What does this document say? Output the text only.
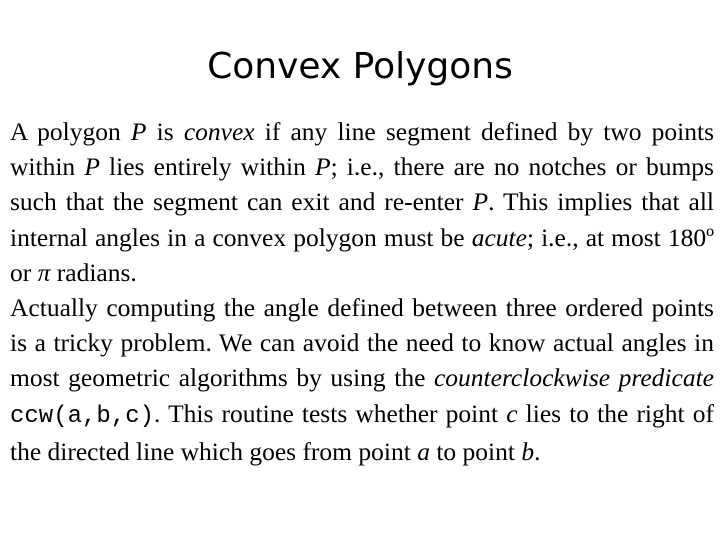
Convex Polygons

A polygon P is convex if any line segment defined by two points within P lies entirely within P; i.e., there are no notches or bumps such that the segment can exit and re-enter P. This implies that all internal angles in a convex polygon must be acute; i.e., at most 180º or π radians.

Actually computing the angle defined between three ordered points is a tricky problem. We can avoid the need to know actual angles in most geometric algorithms by using the counterclockwise predicate ccw(a,b,c). This routine tests whether point c lies to the right of the directed line which goes from point a to point b.
